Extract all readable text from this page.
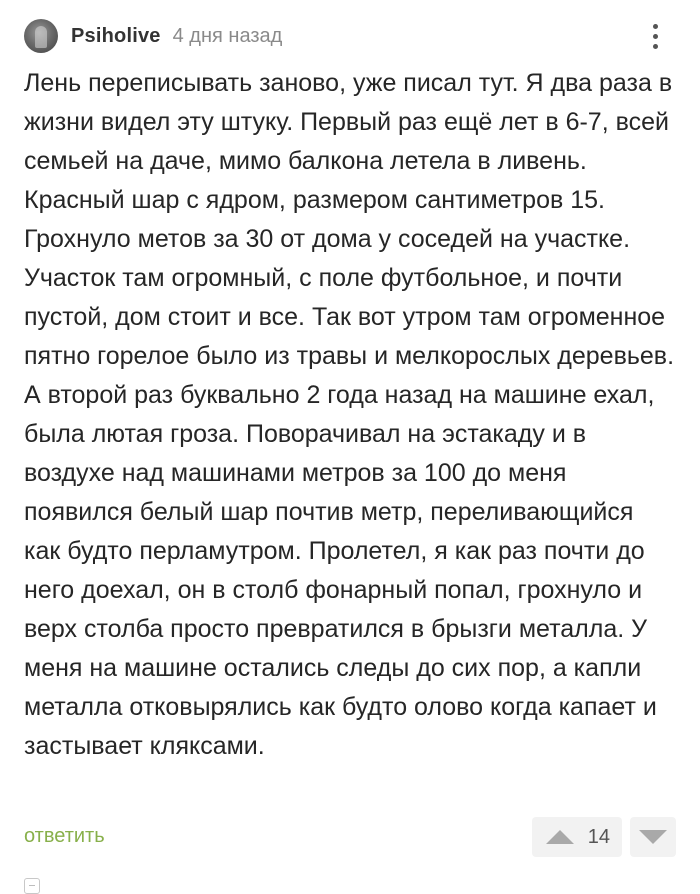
Psiholive 4 дня назад

Лень переписывать заново, уже писал тут. Я два раза в жизни видел эту штуку. Первый раз ещё лет в 6-7, всей семьей на даче, мимо балкона летела в ливень. Красный шар с ядром, размером сантиметров 15. Грохнуло метов за 30 от дома у соседей на участке. Участок там огромный, с поле футбольное, и почти пустой, дом стоит и все. Так вот утром там огроменное пятно горелое было из травы и мелкорослых деревьев. А второй раз буквально 2 года назад на машине ехал, была лютая гроза. Поворачивал на эстакаду и в воздухе над машинами метров за 100 до меня появился белый шар почтив метр, переливающийся как будто перламутром. Пролетел, я как раз почти до него доехал, он в столб фонарный попал, грохнуло и верх столба просто превратился в брызги металла. У меня на машине остались следы до сих пор, а капли металла отковырялись как будто олово когда капает и застывает кляксами.

ответить	14
